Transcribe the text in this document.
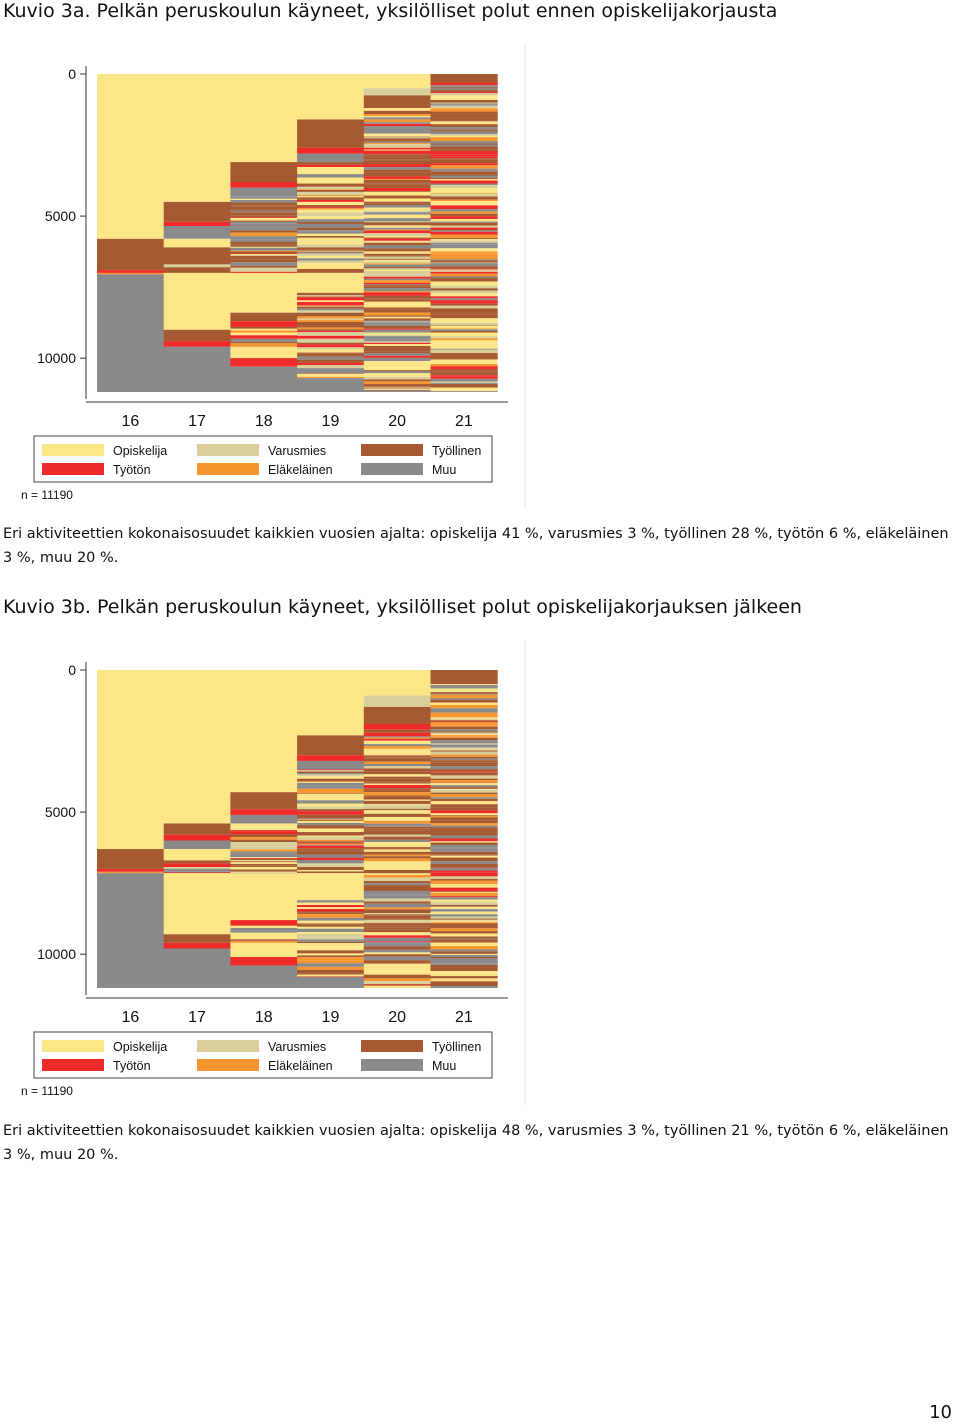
Kuvio 3a. Pelkän peruskoulun käyneet, yksilölliset polut ennen opiskelijakorjausta
0
5000
10000
16	17	18	19	20	21
Opiskelija	Varusmies	Työllinen
Työtön	Eläkeläinen	Muu
n = 11190
Eri aktiviteettien kokonaisosuudet kaikkien vuosien ajalta: opiskelija 41 %, varusmies 3 %, työllinen 28 %, työtön 6 %, eläkeläinen 3 %, muu 20 %.
Kuvio 3b. Pelkän peruskoulun käyneet, yksilölliset polut opiskelijakorjauksen jälkeen
0
5000
10000
16	17	18	19	20	21
Opiskelija	Varusmies	Työllinen
Työtön	Eläkeläinen	Muu
n = 11190
Eri aktiviteettien kokonaisosuudet kaikkien vuosien ajalta: opiskelija 48 %, varusmies 3 %, työllinen 21 %, työtön 6 %, eläkeläinen 3 %, muu 20 %.
10
